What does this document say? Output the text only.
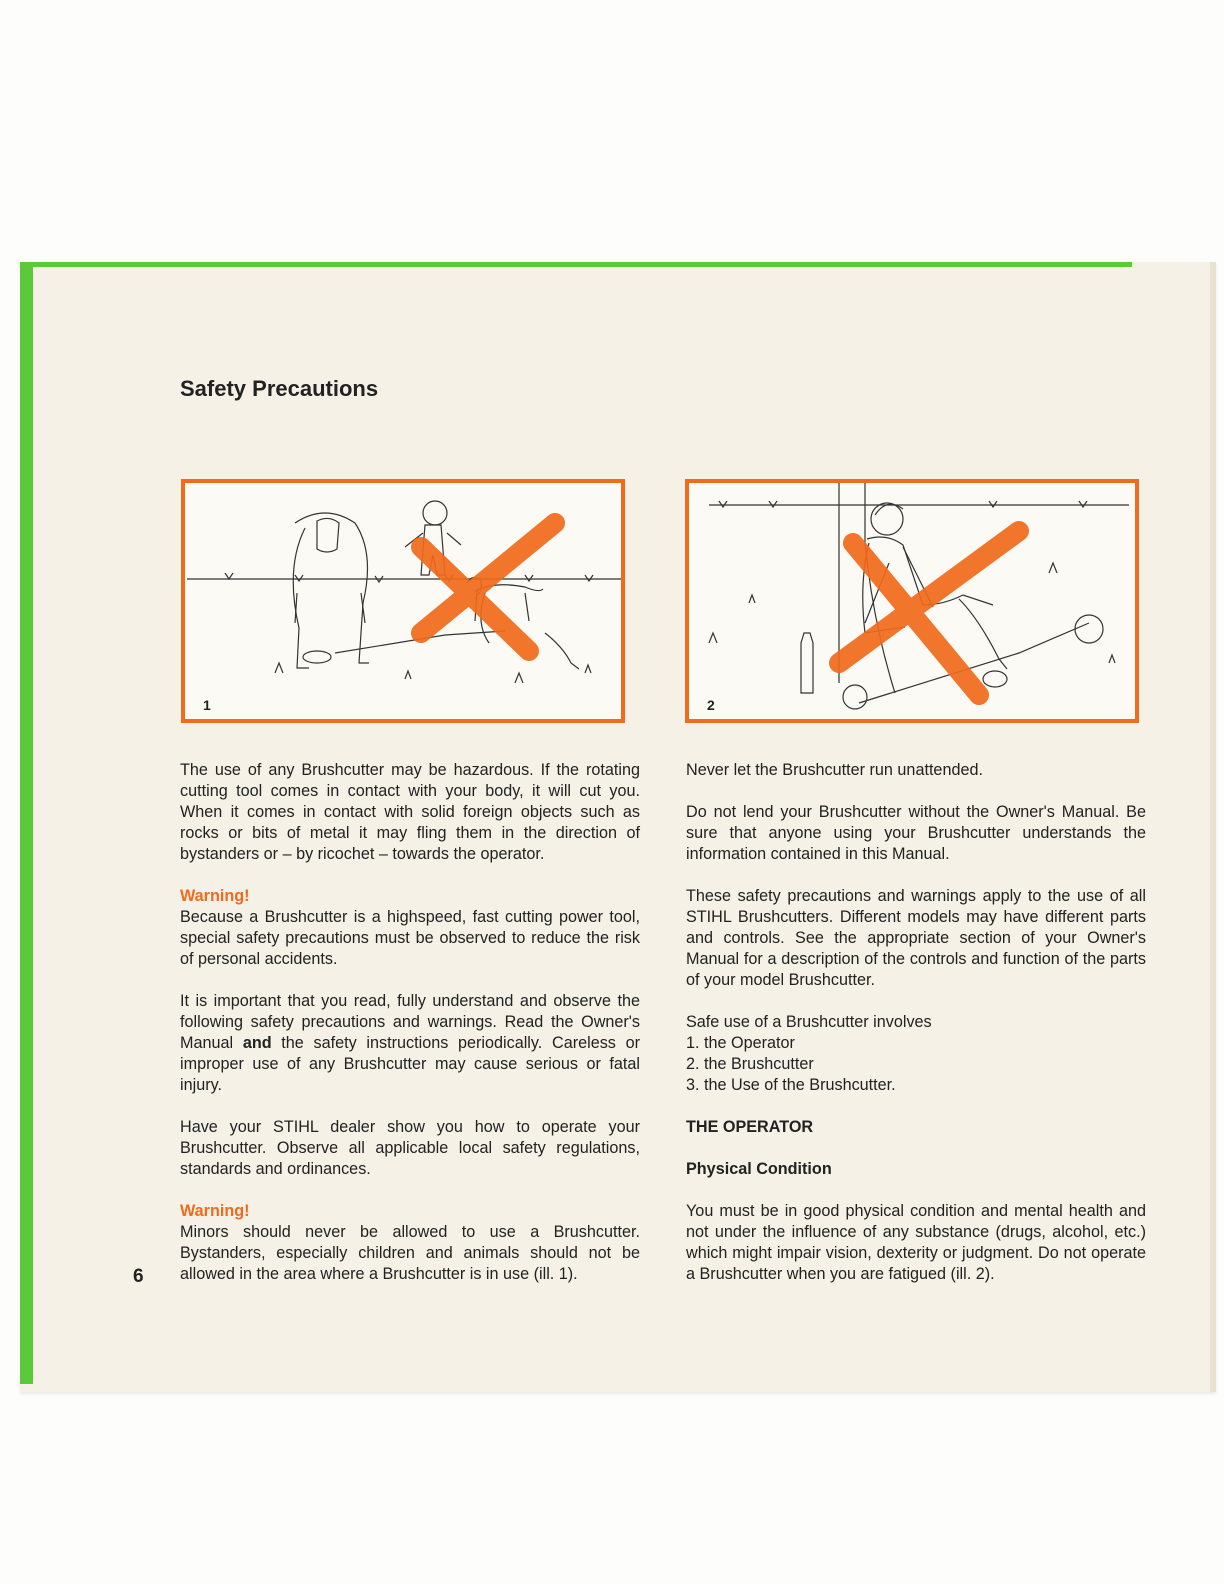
Safety Precautions
1	2

The use of any Brushcutter may be hazardous. If the rotating cutting tool comes in contact with your body, it will cut you. When it comes in contact with solid foreign objects such as rocks or bits of metal it may fling them in the direction of bystanders or – by ricochet – towards the operator.

Warning!

Because a Brushcutter is a highspeed, fast cutting power tool, special safety precautions must be observed to reduce the risk of personal accidents.

It is important that you read, fully understand and observe the following safety precautions and warnings. Read the Owner's Manual and the safety instructions periodically. Careless or improper use of any Brushcutter may cause serious or fatal injury.

Have your STIHL dealer show you how to operate your Brushcutter. Observe all applicable local safety regulations, standards and ordinances.

Warning!

Minors should never be allowed to use a Brushcutter. Bystanders, especially children and animals should not be allowed in the area where a Brushcutter is in use (ill. 1).

Never let the Brushcutter run unattended.

Do not lend your Brushcutter without the Owner's Manual. Be sure that anyone using your Brushcutter understands the information contained in this Manual.

These safety precautions and warnings apply to the use of all STIHL Brushcutters. Different models may have different parts and controls. See the appropriate section of your Owner's Manual for a description of the controls and function of the parts of your model Brushcutter.

Safe use of a Brushcutter involves

1. the Operator
2. the Brushcutter
3. the Use of the Brushcutter.
THE OPERATOR
Physical Condition

You must be in good physical condition and mental health and not under the influence of any substance (drugs, alcohol, etc.) which might impair vision, dexterity or judgment. Do not operate a Brushcutter when you are fatigued (ill. 2).

6
